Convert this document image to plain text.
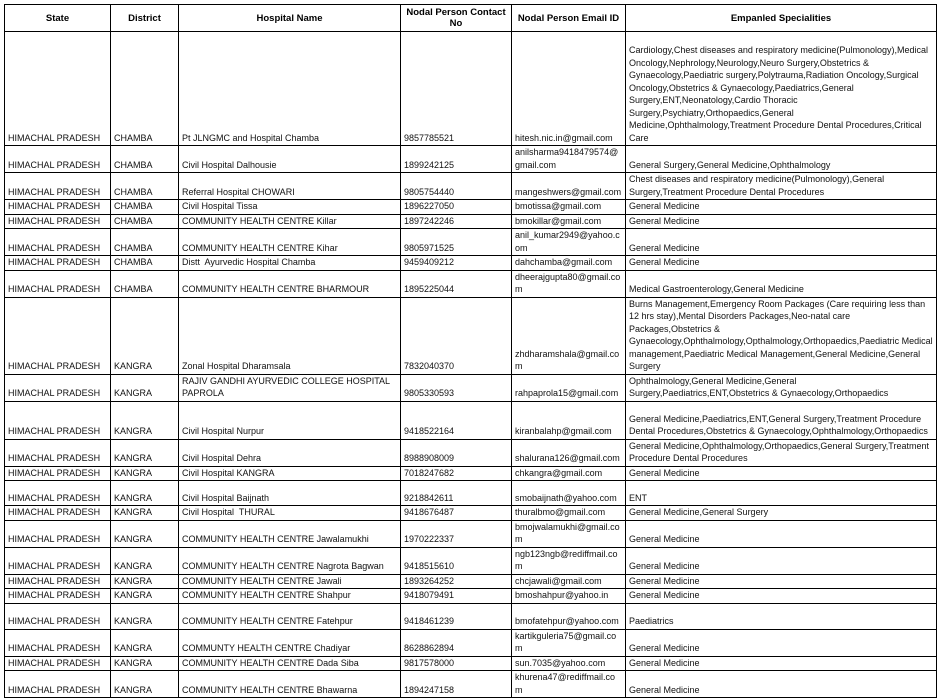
State	District	Hospital Name	Nodal Person Contact No	Nodal Person Email ID	Empanled Specialities
HIMACHAL PRADESH	CHAMBA	Pt JLNGMC and Hospital Chamba	9857785521	hitesh.nic.in@gmail.com	Cardiology,Chest diseases and respiratory medicine(Pulmonology),Medical Oncology,Nephrology,Neurology,Neuro Surgery,Obstetrics & Gynaecology,Paediatric surgery,Polytrauma,Radiation Oncology,Surgical Oncology,Obstetrics & Gynaecology,Paediatrics,General Surgery,ENT,Neonatology,Cardio Thoracic Surgery,Psychiatry,Orthopaedics,General Medicine,Ophthalmology,Treatment Procedure Dental Procedures,Critical Care
HIMACHAL PRADESH	CHAMBA	Civil Hospital Dalhousie	1899242125	anilsharma9418479574@gmail.com	General Surgery,General Medicine,Ophthalmology
HIMACHAL PRADESH	CHAMBA	Referral Hospital CHOWARI	9805754440	mangeshwers@gmail.com	Chest diseases and respiratory medicine(Pulmonology),General Surgery,Treatment Procedure Dental Procedures
HIMACHAL PRADESH	CHAMBA	Civil Hospital Tissa	1896227050	bmotissa@gmail.com	General Medicine
HIMACHAL PRADESH	CHAMBA	COMMUNITY HEALTH CENTRE Killar	1897242246	bmokillar@gmail.com	General Medicine
HIMACHAL PRADESH	CHAMBA	COMMUNITY HEALTH CENTRE Kihar	9805971525	anil_kumar2949@yahoo.com	General Medicine
HIMACHAL PRADESH	CHAMBA	Distt  Ayurvedic Hospital Chamba	9459409212	dahchamba@gmail.com	General Medicine
HIMACHAL PRADESH	CHAMBA	COMMUNITY HEALTH CENTRE BHARMOUR	1895225044	dheerajgupta80@gmail.com	Medical Gastroenterology,General Medicine
HIMACHAL PRADESH	KANGRA	Zonal Hospital Dharamsala	7832040370	zhdharamshala@gmail.com	Burns Management,Emergency Room Packages (Care requiring less than 12 hrs stay),Mental Disorders Packages,Neo-natal care Packages,Obstetrics & Gynaecology,Ophthalmology,Opthalmology,Orthopaedics,Paediatric Medical management,Paediatric Medical Management,General Medicine,General Surgery
HIMACHAL PRADESH	KANGRA	RAJIV GANDHI AYURVEDIC COLLEGE HOSPITAL PAPROLA	9805330593	rahpaprola15@gmail.com	Ophthalmology,General Medicine,General Surgery,Paediatrics,ENT,Obstetrics & Gynaecology,Orthopaedics
HIMACHAL PRADESH	KANGRA	Civil Hospital Nurpur	9418522164	kiranbalahp@gmail.com	General Medicine,Paediatrics,ENT,General Surgery,Treatment Procedure Dental Procedures,Obstetrics & Gynaecology,Ophthalmology,Orthopaedics
HIMACHAL PRADESH	KANGRA	Civil Hospital Dehra	8988908009	shalurana126@gmail.com	General Medicine,Ophthalmology,Orthopaedics,General Surgery,Treatment Procedure Dental Procedures
HIMACHAL PRADESH	KANGRA	Civil Hospital KANGRA	7018247682	chkangra@gmail.com	General Medicine
HIMACHAL PRADESH	KANGRA	Civil Hospital Baijnath	9218842611	smobaijnath@yahoo.com	ENT
HIMACHAL PRADESH	KANGRA	Civil Hospital  THURAL	9418676487	thuralbmo@gmail.com	General Medicine,General Surgery
HIMACHAL PRADESH	KANGRA	COMMUNITY HEALTH CENTRE Jawalamukhi	1970222337	bmojwalamukhi@gmail.com	General Medicine
HIMACHAL PRADESH	KANGRA	COMMUNITY HEALTH CENTRE Nagrota Bagwan	9418515610	ngb123ngb@rediffmail.com	General Medicine
HIMACHAL PRADESH	KANGRA	COMMUNITY HEALTH CENTRE Jawali	1893264252	chcjawali@gmail.com	General Medicine
HIMACHAL PRADESH	KANGRA	COMMUNITY HEALTH CENTRE Shahpur	9418079491	bmoshahpur@yahoo.in	General Medicine
HIMACHAL PRADESH	KANGRA	COMMUNITY HEALTH CENTRE Fatehpur	9418461239	bmofatehpur@yahoo.com	Paediatrics
HIMACHAL PRADESH	KANGRA	COMMUNTY HEALTH CENTRE Chadiyar	8628862894	kartikguleria75@gmail.com	General Medicine
HIMACHAL PRADESH	KANGRA	COMMUNITY HEALTH CENTRE Dada Siba	9817578000	sun.7035@yahoo.com	General Medicine
HIMACHAL PRADESH	KANGRA	COMMUNITY HEALTH CENTRE Bhawarna	1894247158	khurena47@rediffmail.com	General Medicine
